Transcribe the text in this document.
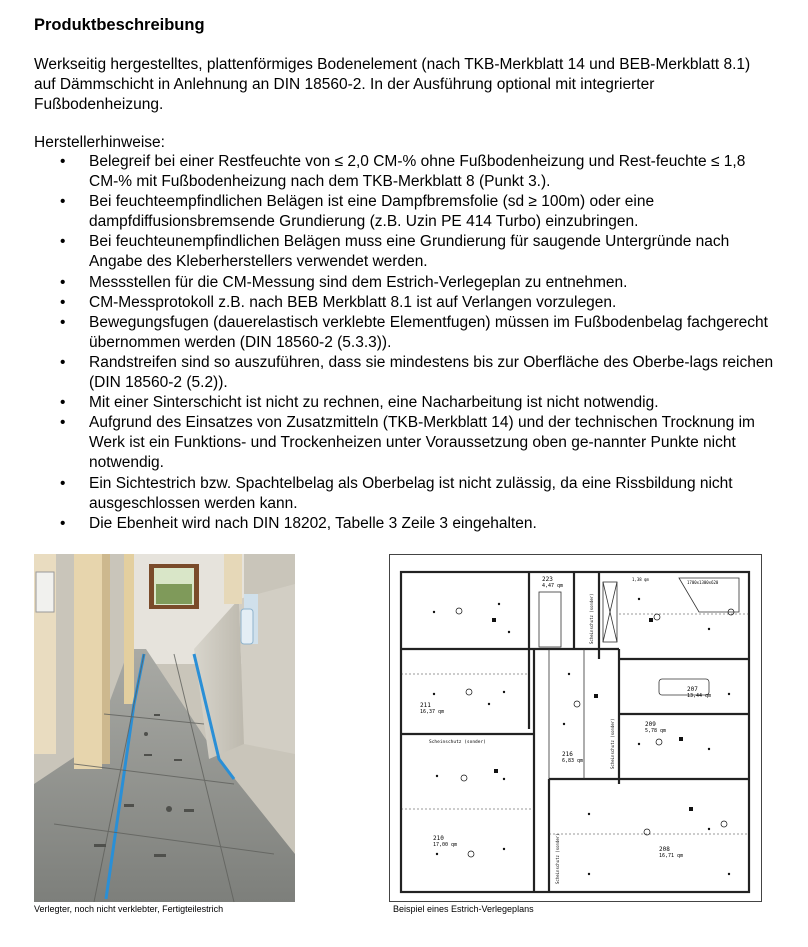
Produktbeschreibung
Werkseitig hergestelltes, plattenförmiges Bodenelement (nach TKB-Merkblatt 14 und BEB-Merkblatt 8.1) auf Dämmschicht in Anlehnung an DIN 18560-2. In der Ausführung optional mit integrierter Fußbodenheizung.
Herstellerhinweise:
• Belegreif bei einer Restfeuchte von ≤ 2,0 CM-% ohne Fußbodenheizung und Rest-feuchte ≤ 1,8 CM-% mit Fußbodenheizung nach dem TKB-Merkblatt 8 (Punkt 3.).
• Bei feuchteempfindlichen Belägen ist eine Dampfbremsfolie (sd ≥ 100m) oder eine dampfdiffusionsbremsende Grundierung (z.B. Uzin PE 414 Turbo) einzubringen.
• Bei feuchteunempfindlichen Belägen muss eine Grundierung für saugende Untergründe nach Angabe des Kleberherstellers verwendet werden.
• Messstellen für die CM-Messung sind dem Estrich-Verlegeplan zu entnehmen.
• CM-Messprotokoll z.B. nach BEB Merkblatt 8.1 ist auf Verlangen vorzulegen.
• Bewegungsfugen (dauerelastisch verklebte Elementfugen) müssen im Fußbodenbelag fachgerecht übernommen werden (DIN 18560-2 (5.3.3)).
• Randstreifen sind so auszuführen, dass sie mindestens bis zur Oberfläche des Oberbe-lags reichen (DIN 18560-2 (5.2)).
• Mit einer Sinterschicht ist nicht zu rechnen, eine Nacharbeitung ist nicht notwendig.
• Aufgrund des Einsatzes von Zusatzmitteln (TKB-Merkblatt 14) und der technischen Trocknung im Werk ist ein Funktions- und Trockenheizen unter Voraussetzung oben ge-nannter Punkte nicht notwendig.
• Ein Sichtestrich bzw. Spachtelbelag als Oberbelag ist nicht zulässig, da eine Rissbildung nicht ausgeschlossen werden kann.
• Die Ebenheit wird nach DIN 18202, Tabelle 3 Zeile 3 eingehalten.
Scheinschutz (sonder)
Scheinschutz (sonder)
Scheinschutz (sonder)
Scheinschutz (sonder)
1700x1300x620
1,38 qm
223
4,47 qm
211
16,37 qm
207
13,44 qm
209
5,78 qm
216
6,83 qm
210
17,00 qm
208
16,71 qm
Verlegter, noch nicht verklebter, Fertigteilestrich	Beispiel eines Estrich-Verlegeplans
